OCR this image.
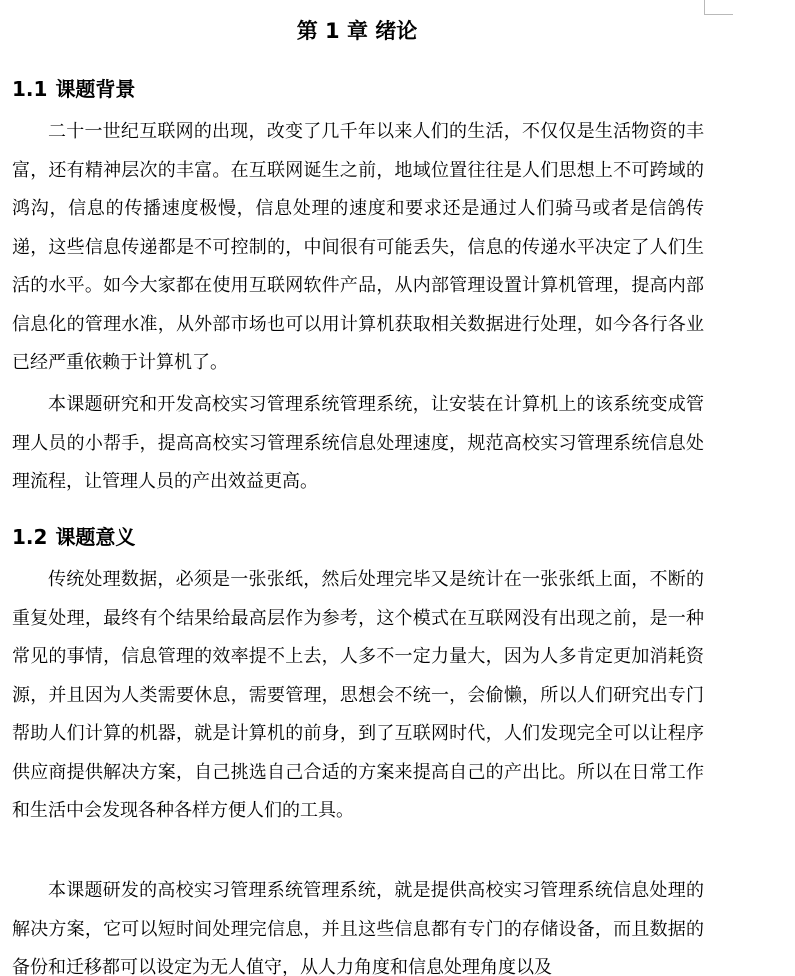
第 1 章 绪论
1.1 课题背景

二十一世纪互联网的出现，改变了几千年以来人们的生活，不仅仅是生活物资的丰富，还有精神层次的丰富。在互联网诞生之前，地域位置往往是人们思想上不可跨域的鸿沟，信息的传播速度极慢，信息处理的速度和要求还是通过人们骑马或者是信鸽传递，这些信息传递都是不可控制的，中间很有可能丢失，信息的传递水平决定了人们生活的水平。如今大家都在使用互联网软件产品，从内部管理设置计算机管理，提高内部信息化的管理水准，从外部市场也可以用计算机获取相关数据进行处理，如今各行各业已经严重依赖于计算机了。

本课题研究和开发高校实习管理系统管理系统，让安装在计算机上的该系统变成管理人员的小帮手，提高高校实习管理系统信息处理速度，规范高校实习管理系统信息处理流程，让管理人员的产出效益更高。

1.2 课题意义

传统处理数据，必须是一张张纸，然后处理完毕又是统计在一张张纸上面，不断的重复处理，最终有个结果给最高层作为参考，这个模式在互联网没有出现之前，是一种常见的事情，信息管理的效率提不上去，人多不一定力量大，因为人多肯定更加消耗资源，并且因为人类需要休息，需要管理，思想会不统一，会偷懒，所以人们研究出专门帮助人们计算的机器，就是计算机的前身，到了互联网时代，人们发现完全可以让程序供应商提供解决方案，自己挑选自己合适的方案来提高自己的产出比。所以在日常工作和生活中会发现各种各样方便人们的工具。

本课题研发的高校实习管理系统管理系统，就是提供高校实习管理系统信息处理的解决方案，它可以短时间处理完信息，并且这些信息都有专门的存储设备，而且数据的备份和迁移都可以设定为无人值守，从人力角度和信息处理角度以及
